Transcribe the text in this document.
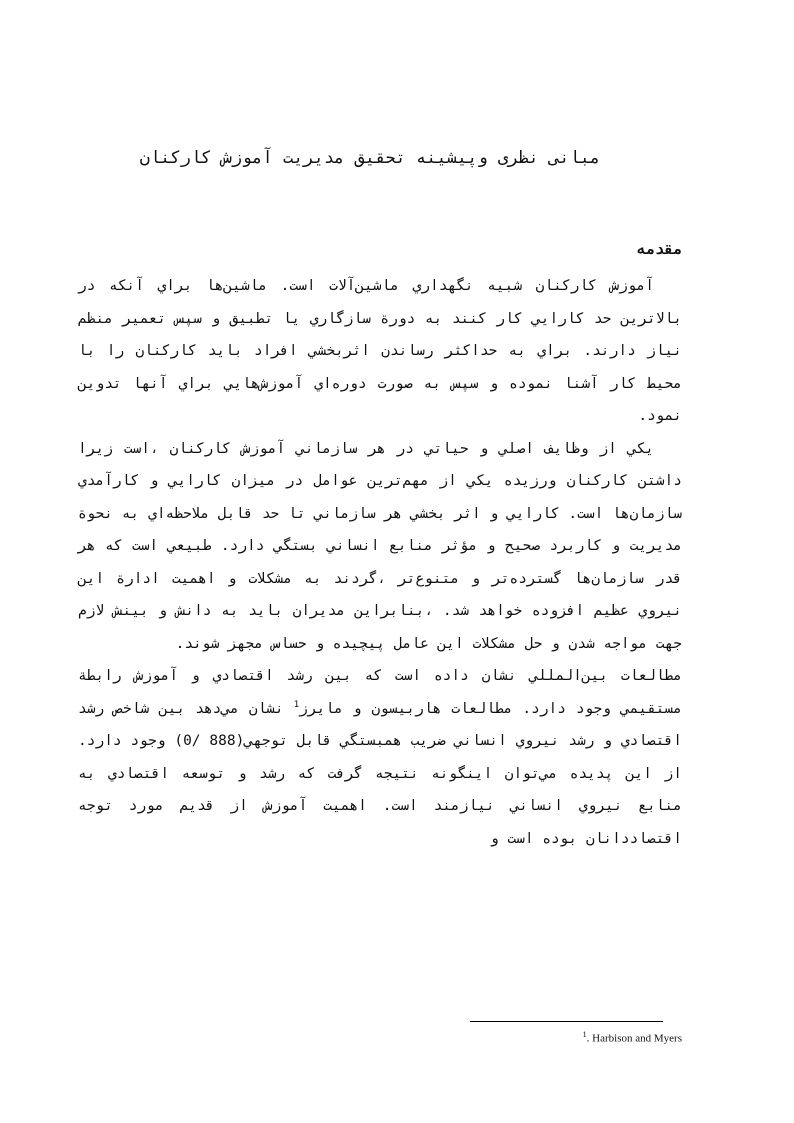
مبانی نظری وپیشینه تحقیق مدیریت آموزش کارکنان
مقدمه

آموزش كاركنان شبيه نگهداري ماشين‌آلات است. ماشين‌ها براي آنكه در بالاترين حد كارايي كار كنند به دورة سازگاري يا تطبيق و سپس تعمير منظم نياز دارند. براي به حداكثر رساندن اثربخشي افراد بايد كاركنان را با محيط كار آشنا نموده و سپس به صورت دوره‌اي آموزش‌هايي براي آنها تدوين نمود.

يكي از وظايف اصلي و حياتي در هر سازماني آموزش كاركنان ،است زيرا داشتن كاركنان ورزيده يكي از مهم‌ترين عوامل در ميزان كارايي و كارآمدي سازمان‌ها است. كارايي و اثر بخشي هر سازماني تا حد قابل ملاحظه‌اي به نحوة مديريت و كاربرد صحيح و مؤثر منابع انساني بستگي دارد. طبيعي است كه هر قدر سازمان‌ها گسترده‌تر و متنوع‌تر ،گردند به مشكلات و اهميت ادارة اين نيروي عظيم افزوده خواهد شد. ،بنابراين مديران بايد به دانش و بينش لازم جهت مواجه شدن و حل مشكلات اين عامل پيچيده و حساس مجهز شوند.

مطالعات بين‌المللي نشان داده است كه بين رشد اقتصادي و آموزش رابطة مستقيمي وجود دارد. مطالعات هاربيسون و مايرز$^1$ نشان مي‌دهد بين شاخص رشد اقتصادي و رشد نيروي انساني ضريب همبستگي قابل توجهي(888 /0) وجود دارد. از اين پديده مي‌توان اينگونه نتيجه گرفت كه رشد و توسعه اقتصادي به منابع نيروي انساني نيازمند است. اهميت آموزش از قديم مورد توجه اقتصاددانان بوده است و

$^1$. Harbison and Myers
